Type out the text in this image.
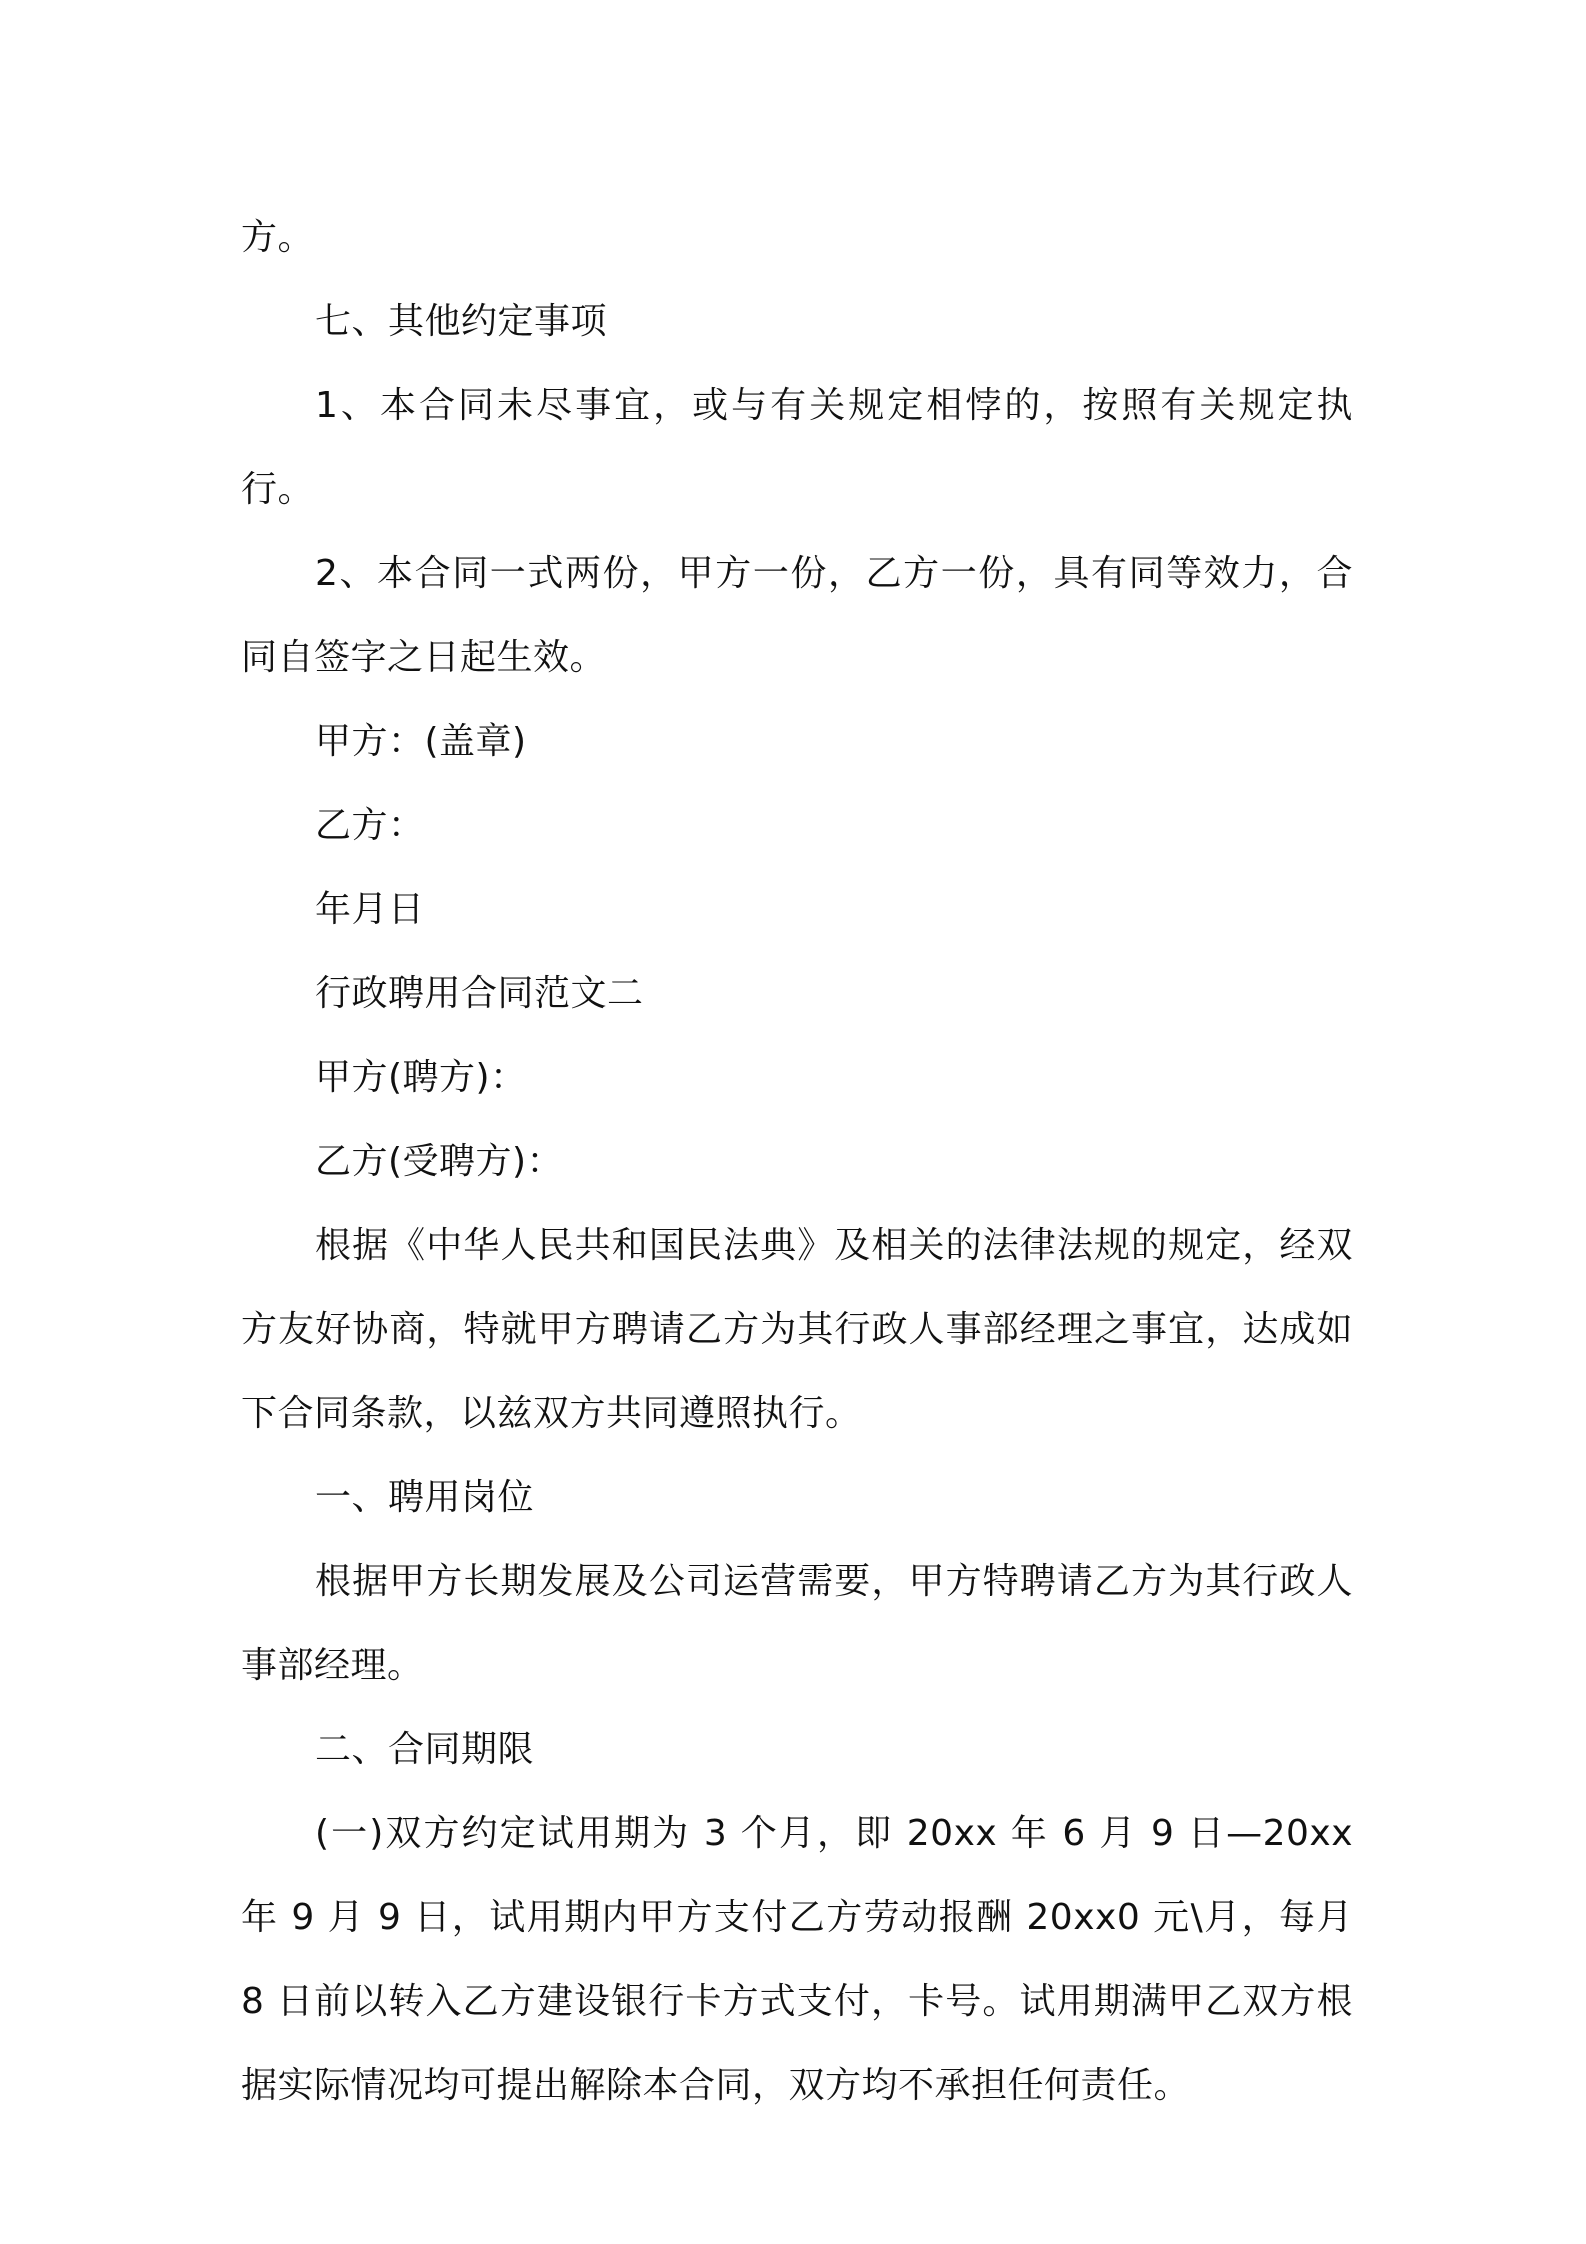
方。

七、其他约定事项

1、本合同未尽事宜，或与有关规定相悖的，按照有关规定执行。

2、本合同一式两份，甲方一份，乙方一份，具有同等效力，合同自签字之日起生效。

甲方：(盖章)

乙方：

年月日

行政聘用合同范文二

甲方(聘方)：

乙方(受聘方)：

根据《中华人民共和国民法典》及相关的法律法规的规定，经双方友好协商，特就甲方聘请乙方为其行政人事部经理之事宜，达成如下合同条款，以兹双方共同遵照执行。

一、聘用岗位

根据甲方长期发展及公司运营需要，甲方特聘请乙方为其行政人事部经理。

二、合同期限

(一)双方约定试用期为 3 个月，即 20xx 年 6 月 9 日—20xx 年 9 月 9 日，试用期内甲方支付乙方劳动报酬 20xx0 元\月，每月 8 日前以转入乙方建设银行卡方式支付，卡号。试用期满甲乙双方根据实际情况均可提出解除本合同，双方均不承担任何责任。
